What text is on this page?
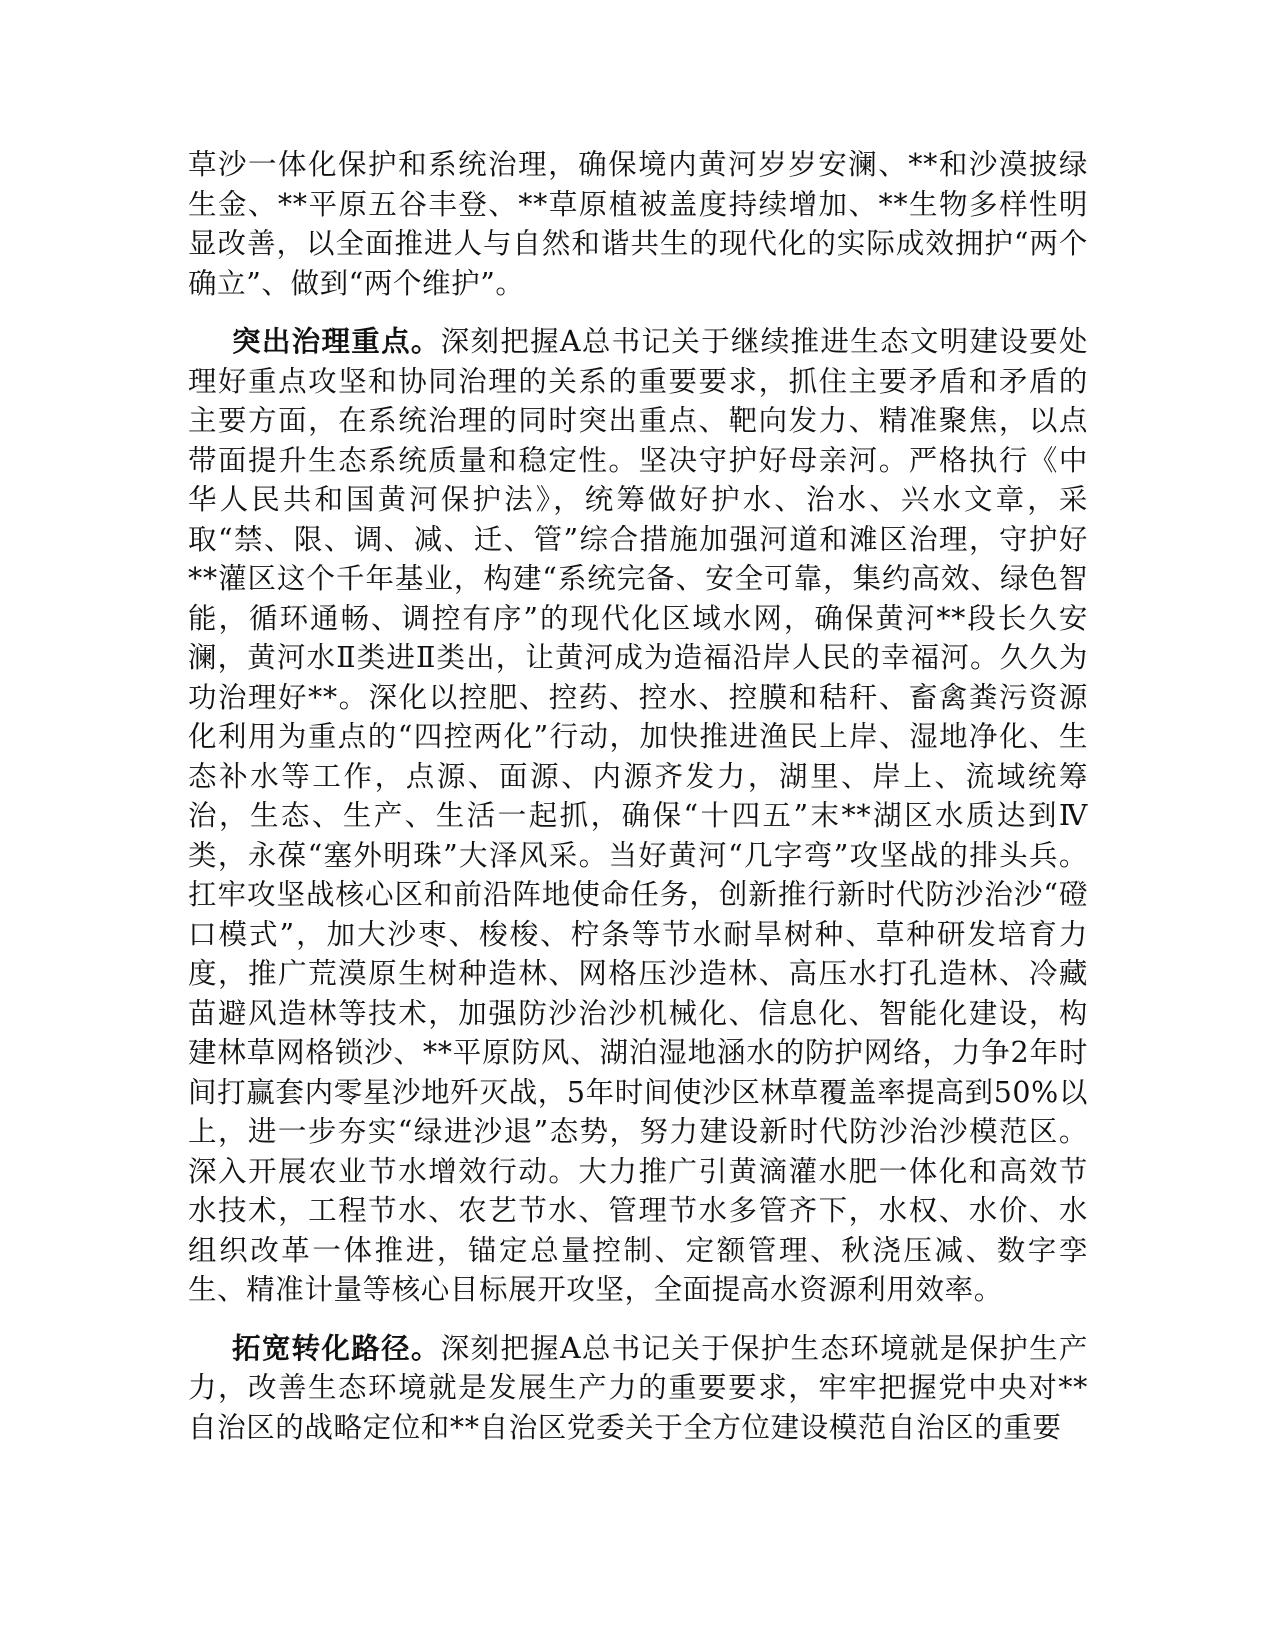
草沙一体化保护和系统治理，确保境内黄河岁岁安澜、**和沙漠披绿生金、**平原五谷丰登、**草原植被盖度持续增加、**生物多样性明显改善，以全面推进人与自然和谐共生的现代化的实际成效拥护“两个确立”、做到“两个维护”。

突出治理重点。深刻把握A总书记关于继续推进生态文明建设要处理好重点攻坚和协同治理的关系的重要要求，抓住主要矛盾和矛盾的主要方面，在系统治理的同时突出重点、靶向发力、精准聚焦，以点带面提升生态系统质量和稳定性。坚决守护好母亲河。严格执行《中华人民共和国黄河保护法》，统筹做好护水、治水、兴水文章，采取“禁、限、调、减、迁、管”综合措施加强河道和滩区治理，守护好**灌区这个千年基业，构建“系统完备、安全可靠，集约高效、绿色智能，循环通畅、调控有序”的现代化区域水网，确保黄河**段长久安澜，黄河水Ⅱ类进Ⅱ类出，让黄河成为造福沿岸人民的幸福河。久久为功治理好**。深化以控肥、控药、控水、控膜和秸秆、畜禽粪污资源化利用为重点的“四控两化”行动，加快推进渔民上岸、湿地净化、生态补水等工作，点源、面源、内源齐发力，湖里、岸上、流域统筹治，生态、生产、生活一起抓，确保“十四五”末**湖区水质达到Ⅳ类，永葆“塞外明珠”大泽风采。当好黄河“几字弯”攻坚战的排头兵。扛牢攻坚战核心区和前沿阵地使命任务，创新推行新时代防沙治沙“磴口模式”，加大沙枣、梭梭、柠条等节水耐旱树种、草种研发培育力度，推广荒漠原生树种造林、网格压沙造林、高压水打孔造林、冷藏苗避风造林等技术，加强防沙治沙机械化、信息化、智能化建设，构建林草网格锁沙、**平原防风、湖泊湿地涵水的防护网络，力争2年时间打赢套内零星沙地歼灭战，5年时间使沙区林草覆盖率提高到50%以上，进一步夯实“绿进沙退”态势，努力建设新时代防沙治沙模范区。深入开展农业节水增效行动。大力推广引黄滴灌水肥一体化和高效节水技术，工程节水、农艺节水、管理节水多管齐下，水权、水价、水组织改革一体推进，锚定总量控制、定额管理、秋浇压减、数字孪生、精准计量等核心目标展开攻坚，全面提高水资源利用效率。

拓宽转化路径。深刻把握A总书记关于保护生态环境就是保护生产力，改善生态环境就是发展生产力的重要要求，牢牢把握党中央对**自治区的战略定位和**自治区党委关于全方位建设模范自治区的重要
